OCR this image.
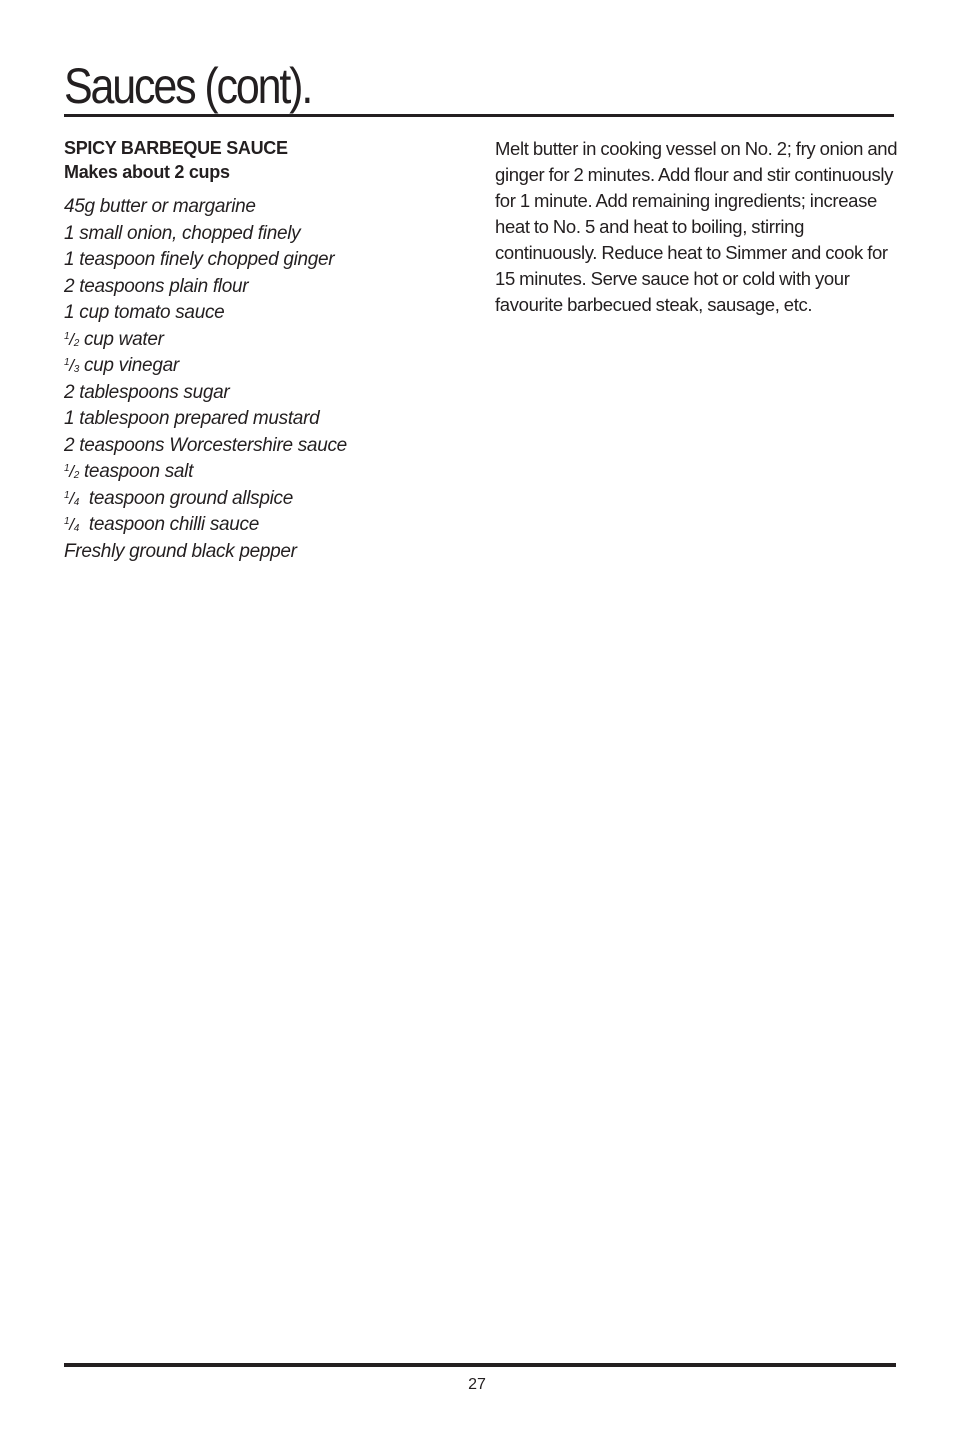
Sauces (cont).
SPICY BARBEQUE SAUCE
Makes about 2 cups
45g butter or margarine
1 small onion, chopped finely
1 teaspoon finely chopped ginger
2 teaspoons plain flour
1 cup tomato sauce
$^1/_2$ cup water
$^1/_3$ cup vinegar
2 tablespoons sugar
1 tablespoon prepared mustard
2 teaspoons Worcestershire sauce
$^1/_2$ teaspoon salt
$^1/_4$  teaspoon ground allspice
$^1/_4$  teaspoon chilli sauce
Freshly ground black pepper

Melt butter in cooking vessel on No. 2; fry onion and ginger for 2 minutes. Add flour and stir continuously for 1 minute. Add remaining ingredients; increase heat to No. 5 and heat to boiling, stirring continuously. Reduce heat to Simmer and cook for 15 minutes. Serve sauce hot or cold with your favourite barbecued steak, sausage, etc.

27
